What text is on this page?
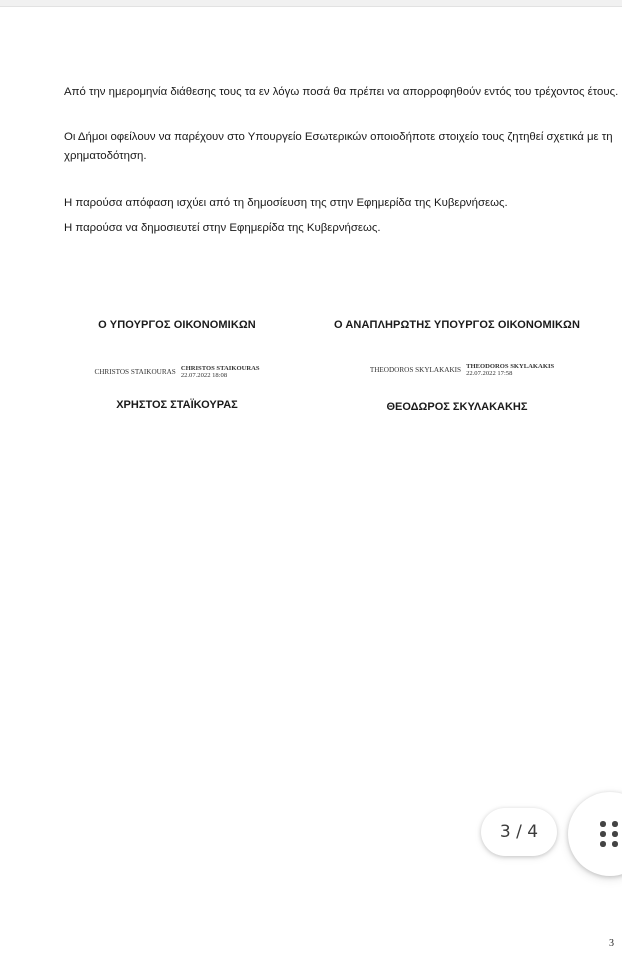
Από την ημερομηνία διάθεσης τους τα εν λόγω ποσά θα πρέπει να απορροφηθούν εντός του τρέχοντος έτους.

Οι Δήμοι οφείλουν να παρέχουν στο Υπουργείο Εσωτερικών οποιοδήποτε στοιχείο τους ζητηθεί σχετικά με τη χρηματοδότηση.

Η παρούσα απόφαση ισχύει από τη δημοσίευση της στην Εφημερίδα της Κυβερνήσεως.

Η παρούσα να δημοσιευτεί στην Εφημερίδα της Κυβερνήσεως.

Ο ΥΠΟΥΡΓΟΣ ΟΙΚΟΝΟΜΙΚΩΝ
CHRISTOS STAIKOURAS CHRISTOS STAIKOURAS
22.07.2022 18:08
ΧΡΗΣΤΟΣ ΣΤΑΪΚΟΥΡΑΣ
Ο ΑΝΑΠΛΗΡΩΤΗΣ ΥΠΟΥΡΓΟΣ ΟΙΚΟΝΟΜΙΚΩΝ
THEODOROS SKYLAKAKIS THEODOROS SKYLAKAKIS
22.07.2022 17:58
ΘΕΟΔΩΡΟΣ ΣΚΥΛΑΚΑΚΗΣ
3
3 / 4
